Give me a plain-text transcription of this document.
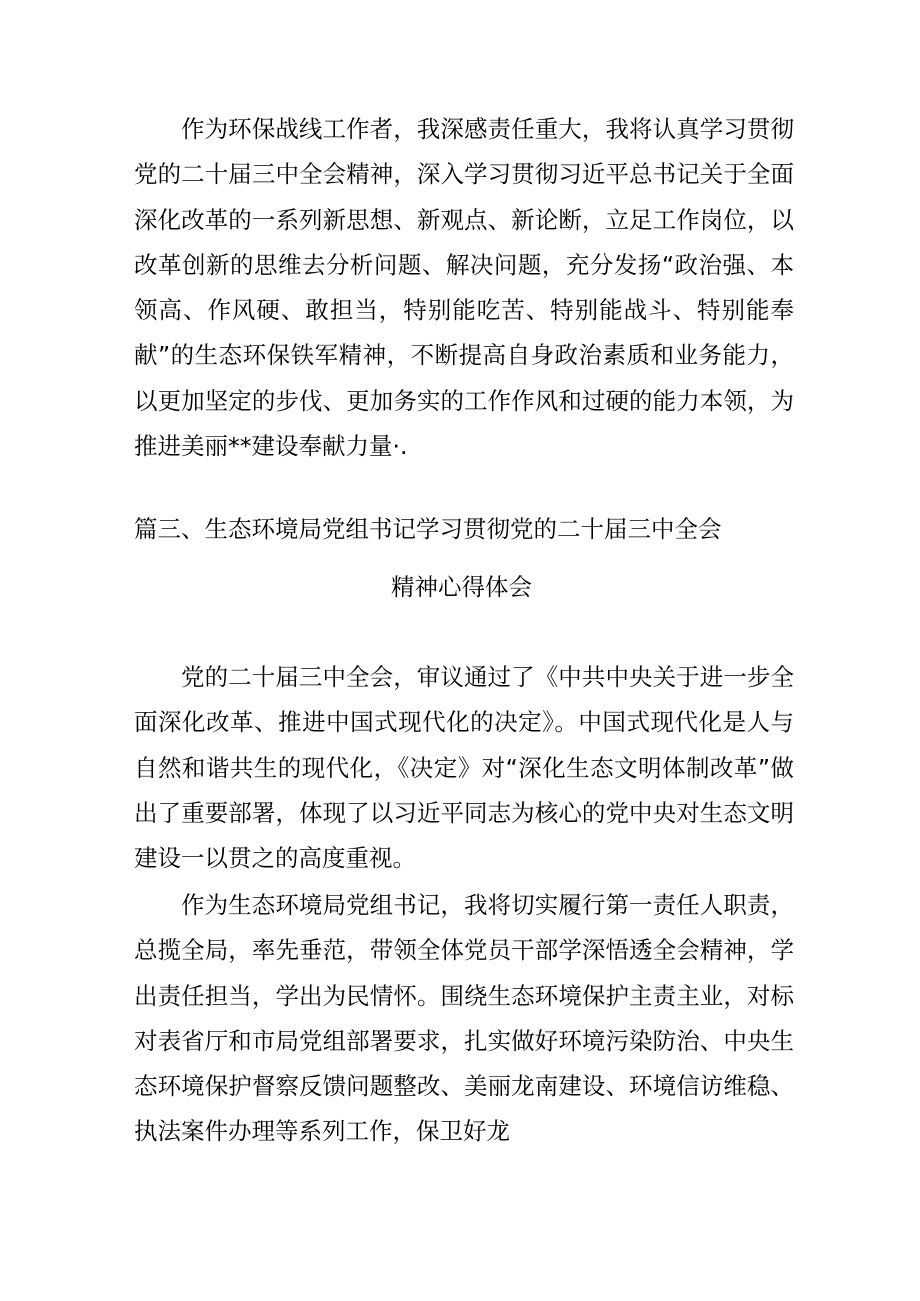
作为环保战线工作者，我深感责任重大，我将认真学习贯彻党的二十届三中全会精神，深入学习贯彻习近平总书记关于全面深化改革的一系列新思想、新观点、新论断，立足工作岗位，以改革创新的思维去分析问题、解决问题，充分发扬“政治强、本领高、作风硬、敢担当，特别能吃苦、特别能战斗、特别能奉献”的生态环保铁军精神，不断提高自身政治素质和业务能力，以更加坚定的步伐、更加务实的工作作风和过硬的能力本领，为推进美丽**建设奉献力量·.

篇三、生态环境局党组书记学习贯彻党的二十届三中全会

精神心得体会

党的二十届三中全会，审议通过了《中共中央关于进一步全面深化改革、推进中国式现代化的决定》。中国式现代化是人与自然和谐共生的现代化，《决定》对“深化生态文明体制改革”做出了重要部署，体现了以习近平同志为核心的党中央对生态文明建设一以贯之的高度重视。

作为生态环境局党组书记，我将切实履行第一责任人职责，总揽全局，率先垂范，带领全体党员干部学深悟透全会精神，学出责任担当，学出为民情怀。围绕生态环境保护主责主业，对标对表省厅和市局党组部署要求，扎实做好环境污染防治、中央生态环境保护督察反馈问题整改、美丽龙南建设、环境信访维稳、执法案件办理等系列工作，保卫好龙
